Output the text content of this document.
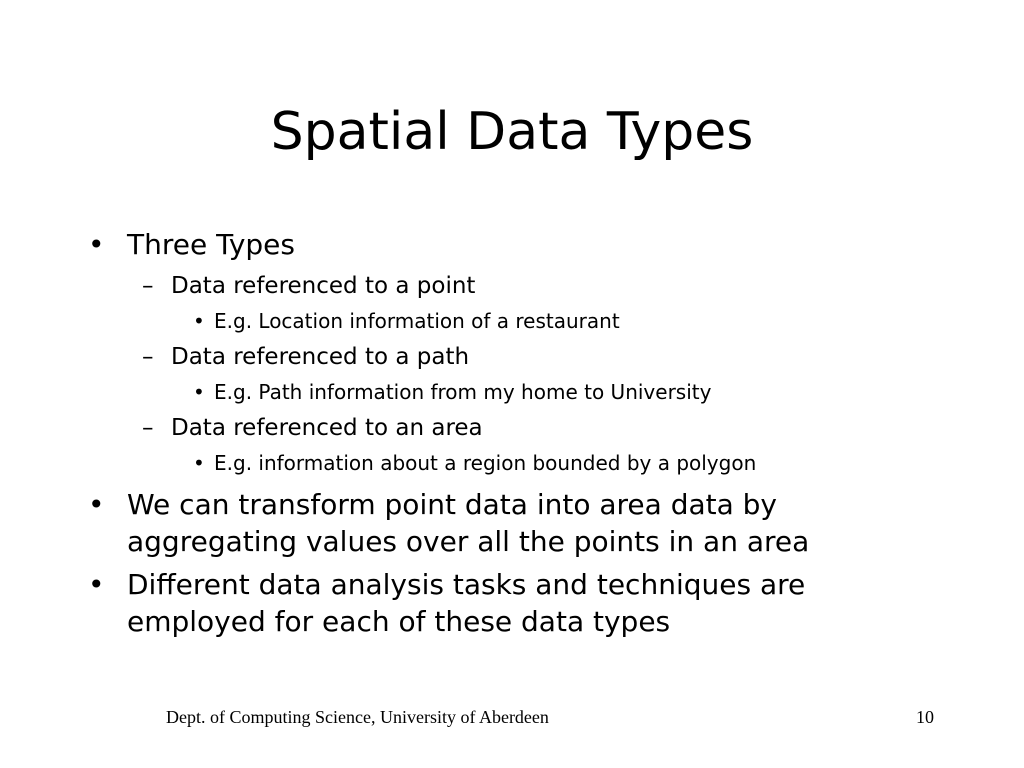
Spatial Data Types
• Three Types
– Data referenced to a point
• E.g. Location information of a restaurant
– Data referenced to a path
• E.g. Path information from my home to University
– Data referenced to an area
• E.g. information about a region bounded by a polygon
• We can transform point data into area data by
aggregating values over all the points in an area
• Different data analysis tasks and techniques are
employed for each of these data types
Dept. of Computing Science, University of Aberdeen	10
